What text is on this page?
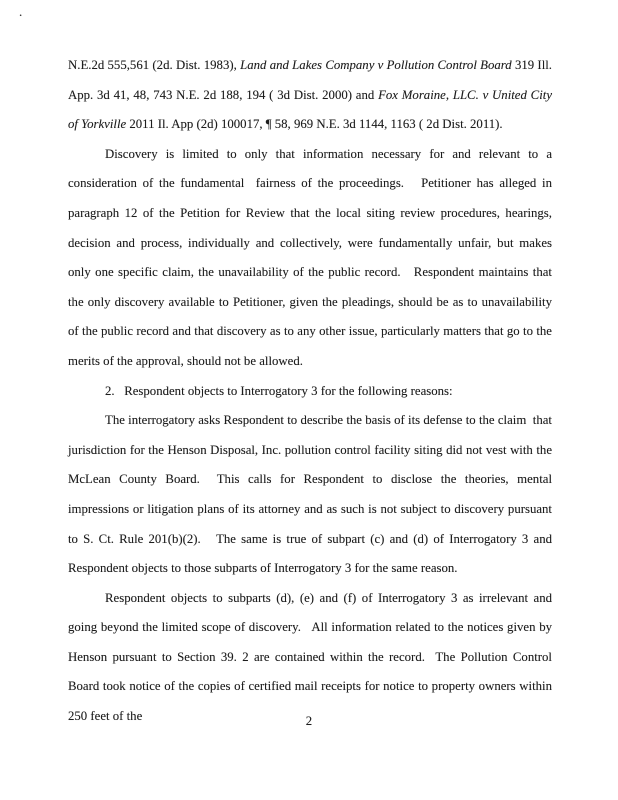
.

N.E.2d 555,561 (2d. Dist. 1983), Land and Lakes Company v Pollution Control Board 319 Ill. App. 3d 41, 48, 743 N.E. 2d 188, 194 ( 3d Dist. 2000) and Fox Moraine, LLC. v United City of Yorkville 2011 Il. App (2d) 100017, ¶ 58, 969 N.E. 3d 1144, 1163 ( 2d Dist. 2011).

Discovery is limited to only that information necessary for and relevant to a consideration of the fundamental  fairness of the proceedings.   Petitioner has alleged in paragraph 12 of the Petition for Review that the local siting review procedures, hearings, decision and process, individually and collectively, were fundamentally unfair, but makes only one specific claim, the unavailability of the public record.   Respondent maintains that the only discovery available to Petitioner, given the pleadings, should be as to unavailability of the public record and that discovery as to any other issue, particularly matters that go to the merits of the approval, should not be allowed.

2.   Respondent objects to Interrogatory 3 for the following reasons:

The interrogatory asks Respondent to describe the basis of its defense to the claim  that jurisdiction for the Henson Disposal, Inc. pollution control facility siting did not vest with the McLean County Board.  This calls for Respondent to disclose the theories, mental impressions or litigation plans of its attorney and as such is not subject to discovery pursuant to S. Ct. Rule 201(b)(2).   The same is true of subpart (c) and (d) of Interrogatory 3 and Respondent objects to those subparts of Interrogatory 3 for the same reason.

Respondent objects to subparts (d), (e) and (f) of Interrogatory 3 as irrelevant and going beyond the limited scope of discovery.   All information related to the notices given by Henson pursuant to Section 39. 2 are contained within the record.  The Pollution Control Board took notice of the copies of certified mail receipts for notice to property owners within 250 feet of the	2
